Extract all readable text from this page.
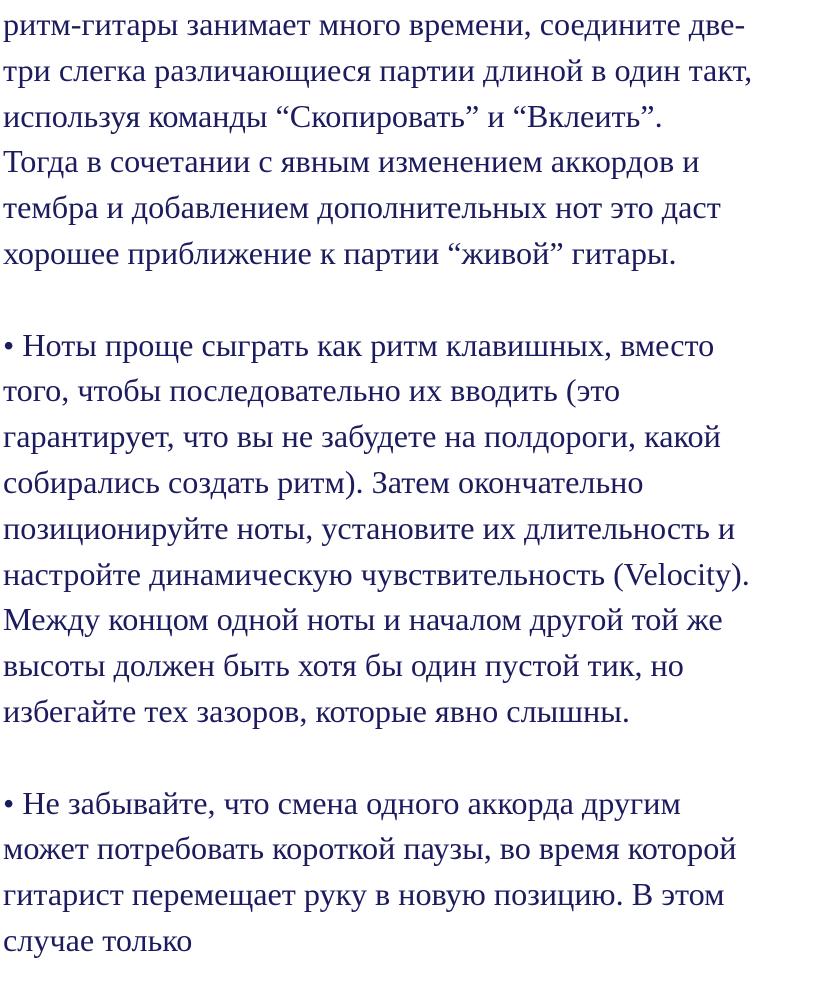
ритм-гитары занимает много времени, соедините две-
три слегка различающиеся партии длиной в один такт,
используя команды “Скопировать” и “Вклеить”.
Тогда в сочетании с явным изменением аккордов и
тембра и добавлением дополнительных нот это даст
хорошее приближение к партии “живой” гитары.

• Ноты проще сыграть как ритм клавишных, вместо
того, чтобы последовательно их вводить (это
гарантирует, что вы не забудете на полдороги, какой
собирались создать ритм). Затем окончательно
позиционируйте ноты, установите их длительность и
настройте динамическую чувствительность (Velocity).
Между концом одной ноты и началом другой той же
высоты должен быть хотя бы один пустой тик, но
избегайте тех зазоров, которые явно слышны.

• Не забывайте, что смена одного аккорда другим
может потребовать короткой паузы, во время которой
гитарист перемещает руку в новую позицию. В этом
случае только
